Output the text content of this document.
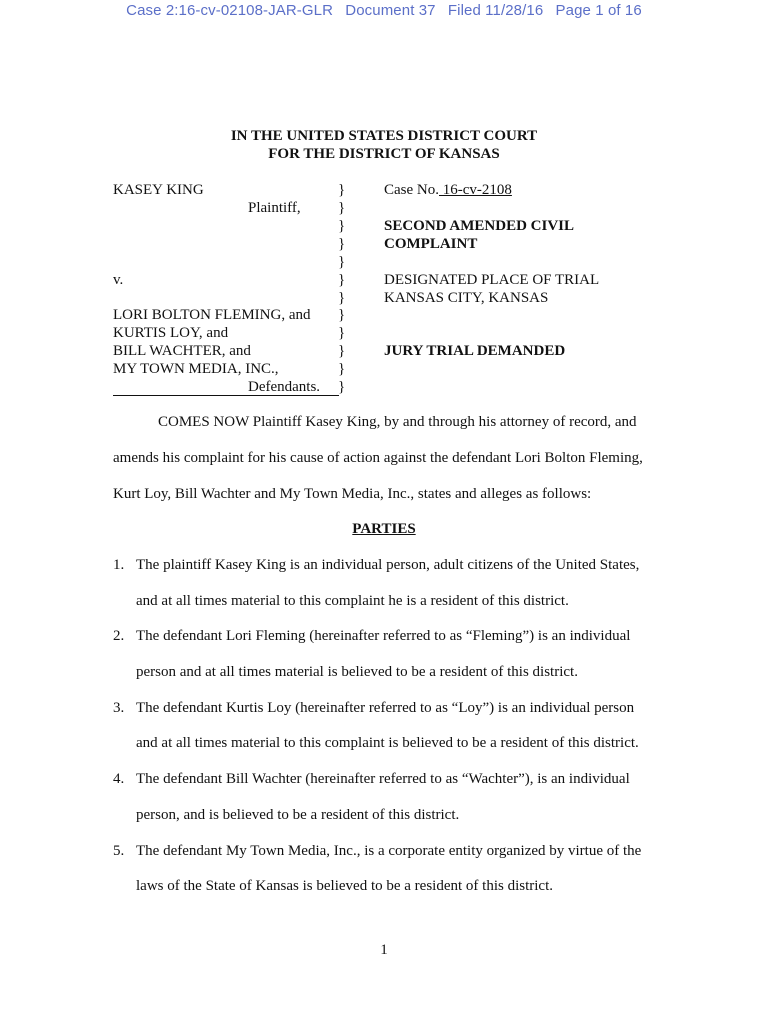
Case 2:16-cv-02108-JAR-GLR Document 37 Filed 11/28/16 Page 1 of 16
IN THE UNITED STATES DISTRICT COURT
FOR THE DISTRICT OF KANSAS
KASEY KING
Plaintiff,
v.
LORI BOLTON FLEMING, and
KURTIS LOY, and
BILL WACHTER, and
MY TOWN MEDIA, INC.,
Defendants.
}
}
}
}
}
}
}
}
}
}
}
}
Case No. 16-cv-2108
SECOND AMENDED CIVIL
COMPLAINT
DESIGNATED PLACE OF TRIAL
KANSAS CITY, KANSAS
JURY TRIAL DEMANDED
COMES NOW Plaintiff Kasey King, by and through his attorney of record, and
amends his complaint for his cause of action against the defendant Lori Bolton Fleming,
Kurt Loy, Bill Wachter and My Town Media, Inc., states and alleges as follows:
PARTIES
1. The plaintiff Kasey King is an individual person, adult citizens of the United States,
and at all times material to this complaint he is a resident of this district.
2. The defendant Lori Fleming (hereinafter referred to as “Fleming”) is an individual
person and at all times material is believed to be a resident of this district.
3. The defendant Kurtis Loy (hereinafter referred to as “Loy”) is an individual person
and at all times material to this complaint is believed to be a resident of this district.
4. The defendant Bill Wachter (hereinafter referred to as “Wachter”), is an individual
person, and is believed to be a resident of this district.
5. The defendant My Town Media, Inc., is a corporate entity organized by virtue of the
laws of the State of Kansas is believed to be a resident of this district.
1
